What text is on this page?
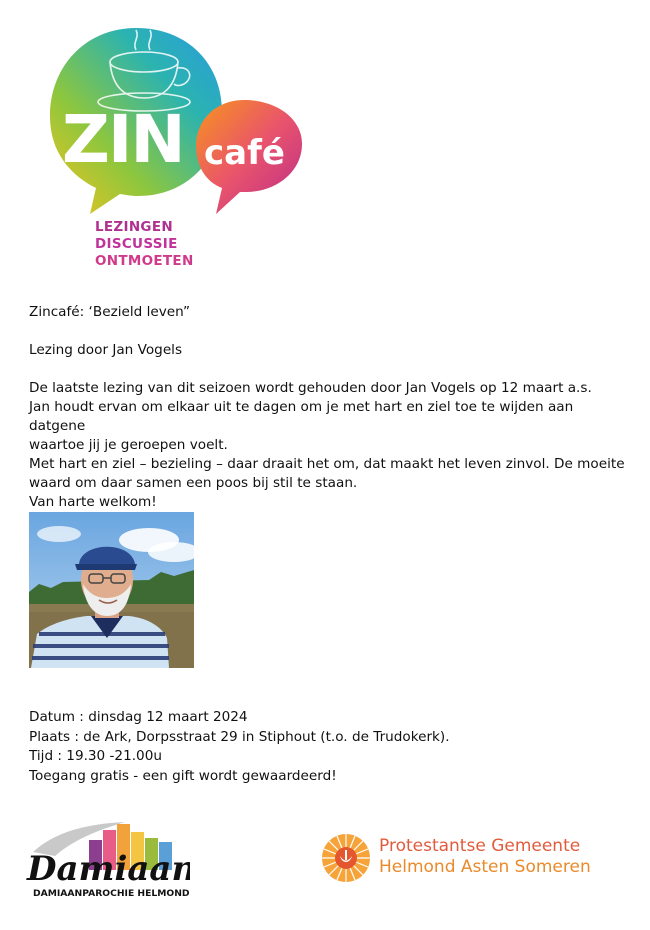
ZIN café
LEZINGEN
DISCUSSIE
ONTMOETEN

Zincafé: ‘Bezield leven”

Lezing door Jan Vogels

De laatste lezing van dit seizoen wordt gehouden door Jan Vogels op 12 maart a.s.

Jan houdt ervan om elkaar uit te dagen om je met hart en ziel toe te wijden aan datgene

waartoe jij je geroepen voelt.

Met hart en ziel – bezieling – daar draait het om, dat maakt het leven zinvol. De moeite

waard om daar samen een poos bij stil te staan.

Van harte welkom!

Datum : dinsdag 12 maart 2024
Plaats : de Ark, Dorpsstraat 29 in Stiphout (t.o. de Trudokerk).
Tijd : 19.30 -21.00u
Toegang gratis - een gift wordt gewaardeerd!
Damiaan
DAMIAANPAROCHIE HELMOND
Protestantse Gemeente
Helmond Asten Someren
